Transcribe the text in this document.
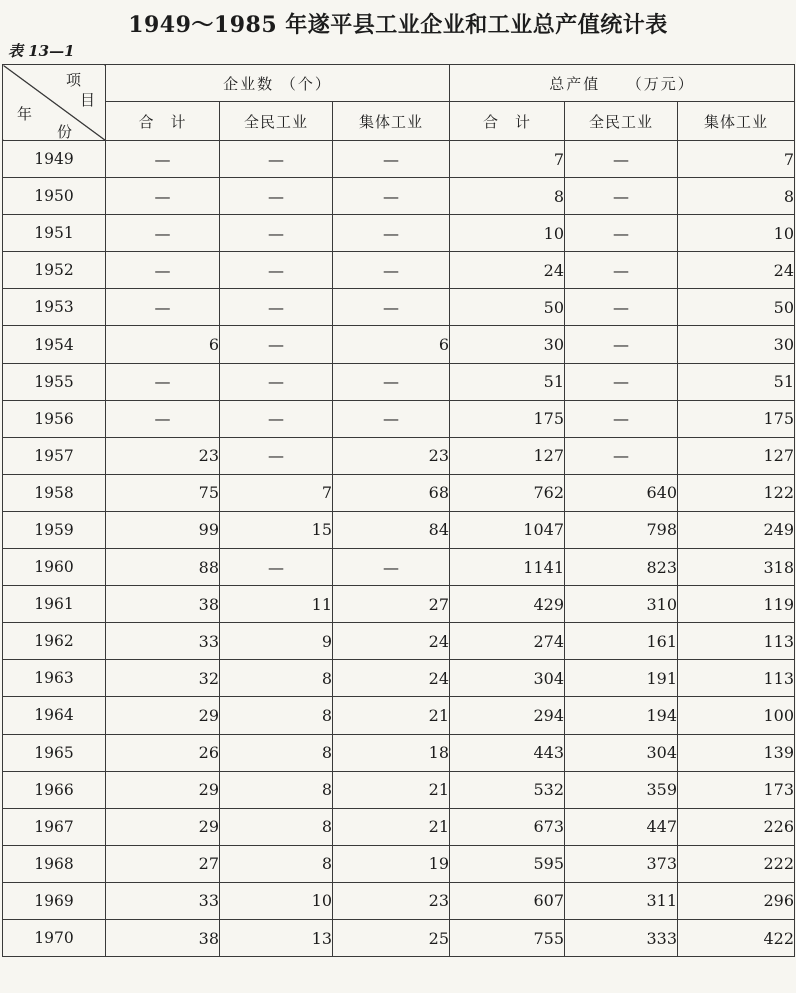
1949～1985 年遂平县工业企业和工业总产值统计表
表 13—1
项
目
年
份	企业数 （个）			总产值　　（万元）		
	合　计	全民工业	集体工业	合　计	全民工业	集体工业
1949	—	—	—	7	—	7
1950	—	—	—	8	—	8
1951	—	—	—	10	—	10
1952	—	—	—	24	—	24
1953	—	—	—	50	—	50
1954	6	—	6	30	—	30
1955	—	—	—	51	—	51
1956	—	—	—	175	—	175
1957	23	—	23	127	—	127
1958	75	7	68	762	640	122
1959	99	15	84	1047	798	249
1960	88	—	—	1141	823	318
1961	38	11	27	429	310	119
1962	33	9	24	274	161	113
1963	32	8	24	304	191	113
1964	29	8	21	294	194	100
1965	26	8	18	443	304	139
1966	29	8	21	532	359	173
1967	29	8	21	673	447	226
1968	27	8	19	595	373	222
1969	33	10	23	607	311	296
1970	38	13	25	755	333	422
